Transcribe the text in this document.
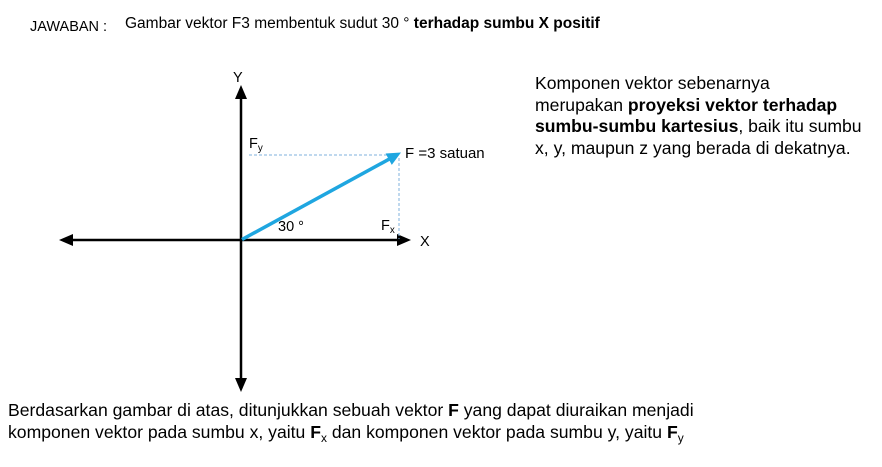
JAWABAN : Gambar vektor F3 membentuk sudut 30 ° terhadap sumbu X positif
Y
$F_y$	F =3 satuan
30 °	$F_x$
X
Komponen vektor sebenarnya
merupakan proyeksi vektor terhadap
sumbu-sumbu kartesius, baik itu sumbu
x, y, maupun z yang berada di dekatnya.
Berdasarkan gambar di atas, ditunjukkan sebuah vektor F yang dapat diuraikan menjadi
komponen vektor pada sumbu x, yaitu $F_x$ dan komponen vektor pada sumbu y, yaitu $F_y$
